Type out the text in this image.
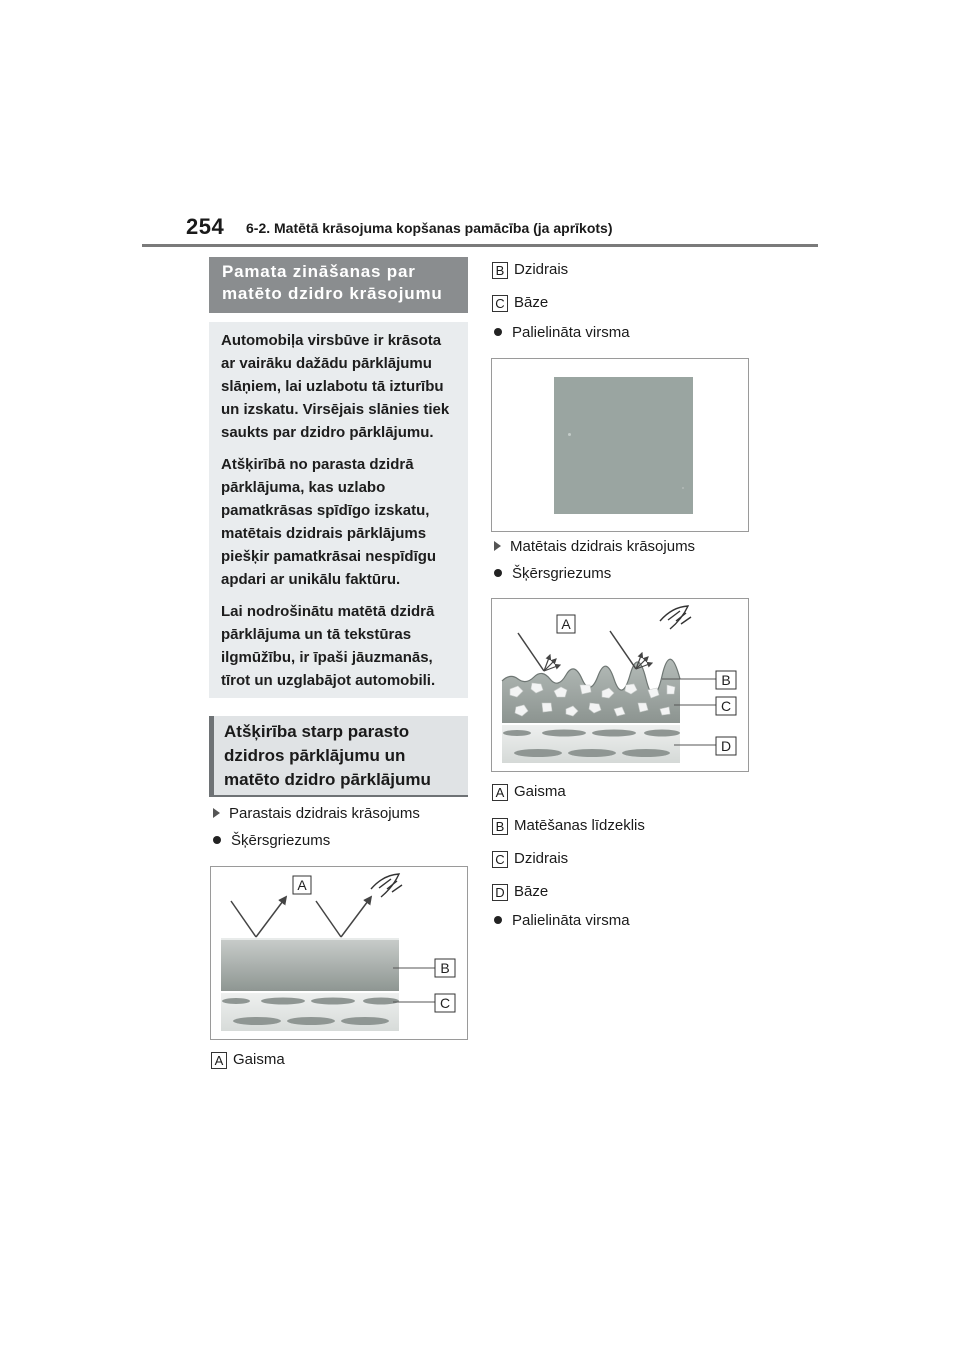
254 6-2. Matētā krāsojuma kopšanas pamācība (ja aprīkots)
Pamata zināšanas par
matēto dzidro krāsojumu

Automobiļa virsbūve ir krāsota ar vairāku dažādu pārklājumu slāņiem, lai uzlabotu tā izturību un izskatu. Virsējais slānies tiek saukts par dzidro pārklājumu.

Atšķirībā no parasta dzidrā pārklājuma, kas uzlabo pamatkrāsas spīdīgo izskatu, matētais dzidrais pārklājums piešķir pamatkrāsai nespīdīgu apdari ar unikālu faktūru.

Lai nodrošinātu matētā dzidrā pārklājuma un tā tekstūras ilgmūžību, ir īpaši jāuzmanās, tīrot un uzglabājot automobili.

Atšķirība starp parasto
dzidros pārklājumu un
matēto dzidro pārklājumu
Parastais dzidrais krāsojums
Šķērsgriezums
A
B
C
A Gaisma
B Dzidrais
C Bāze
Palielināta virsma
Matētais dzidrais krāsojums
Šķērsgriezums
A
B
C
D
A Gaisma
B Matēšanas līdzeklis
C Dzidrais
D Bāze
Palielināta virsma
